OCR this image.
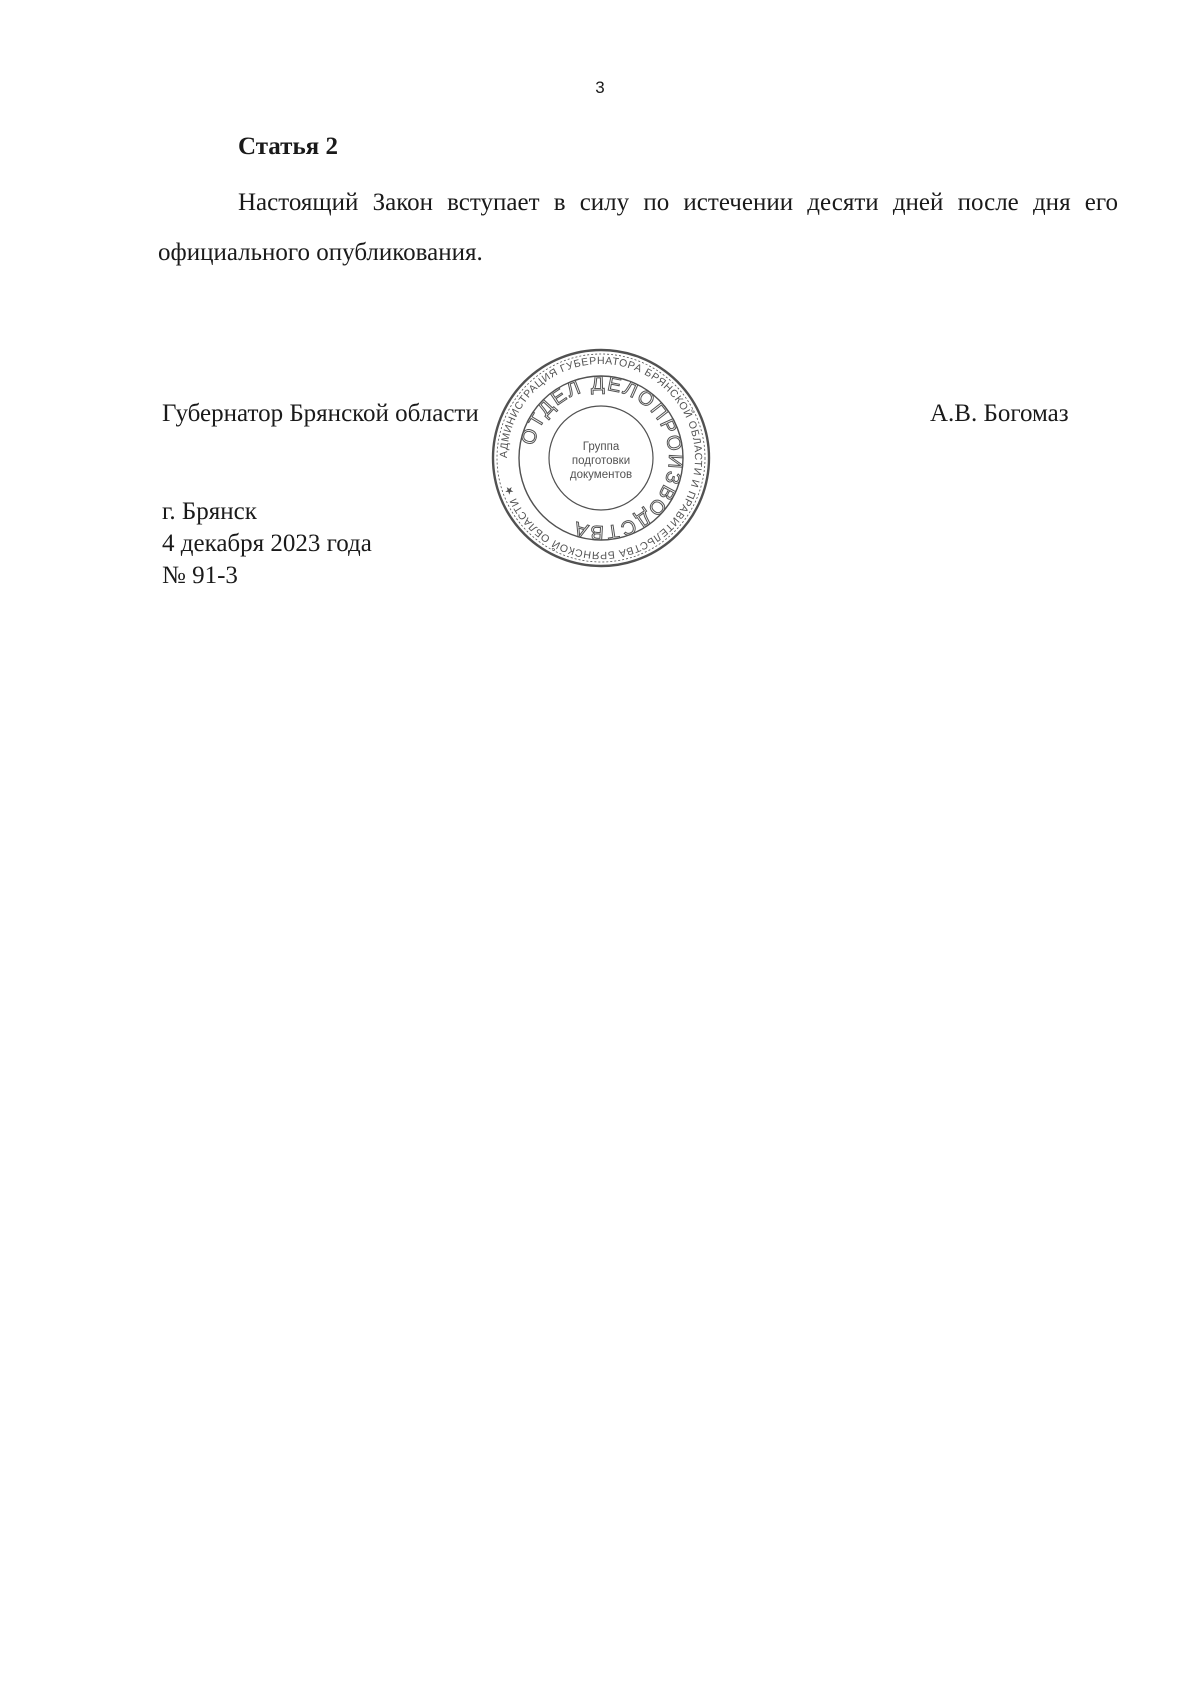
3
Статья 2

Настоящий Закон вступает в силу по истечении десяти дней после дня его официального опубликования.

Губернатор Брянской области	А.В. Богомаз
г. Брянск
4 декабря 2023 года
№ 91-3
АДМИНИСТРАЦИЯ ГУБЕРНАТОРА БРЯНСКОЙ ОБЛАСТИ И ПРАВИТЕЛЬСТВА БРЯНСКОЙ ОБЛАСТИ ★
ОТДЕЛ ДЕЛОПРОИЗВОДСТВА
Группа
подготовки
документов
